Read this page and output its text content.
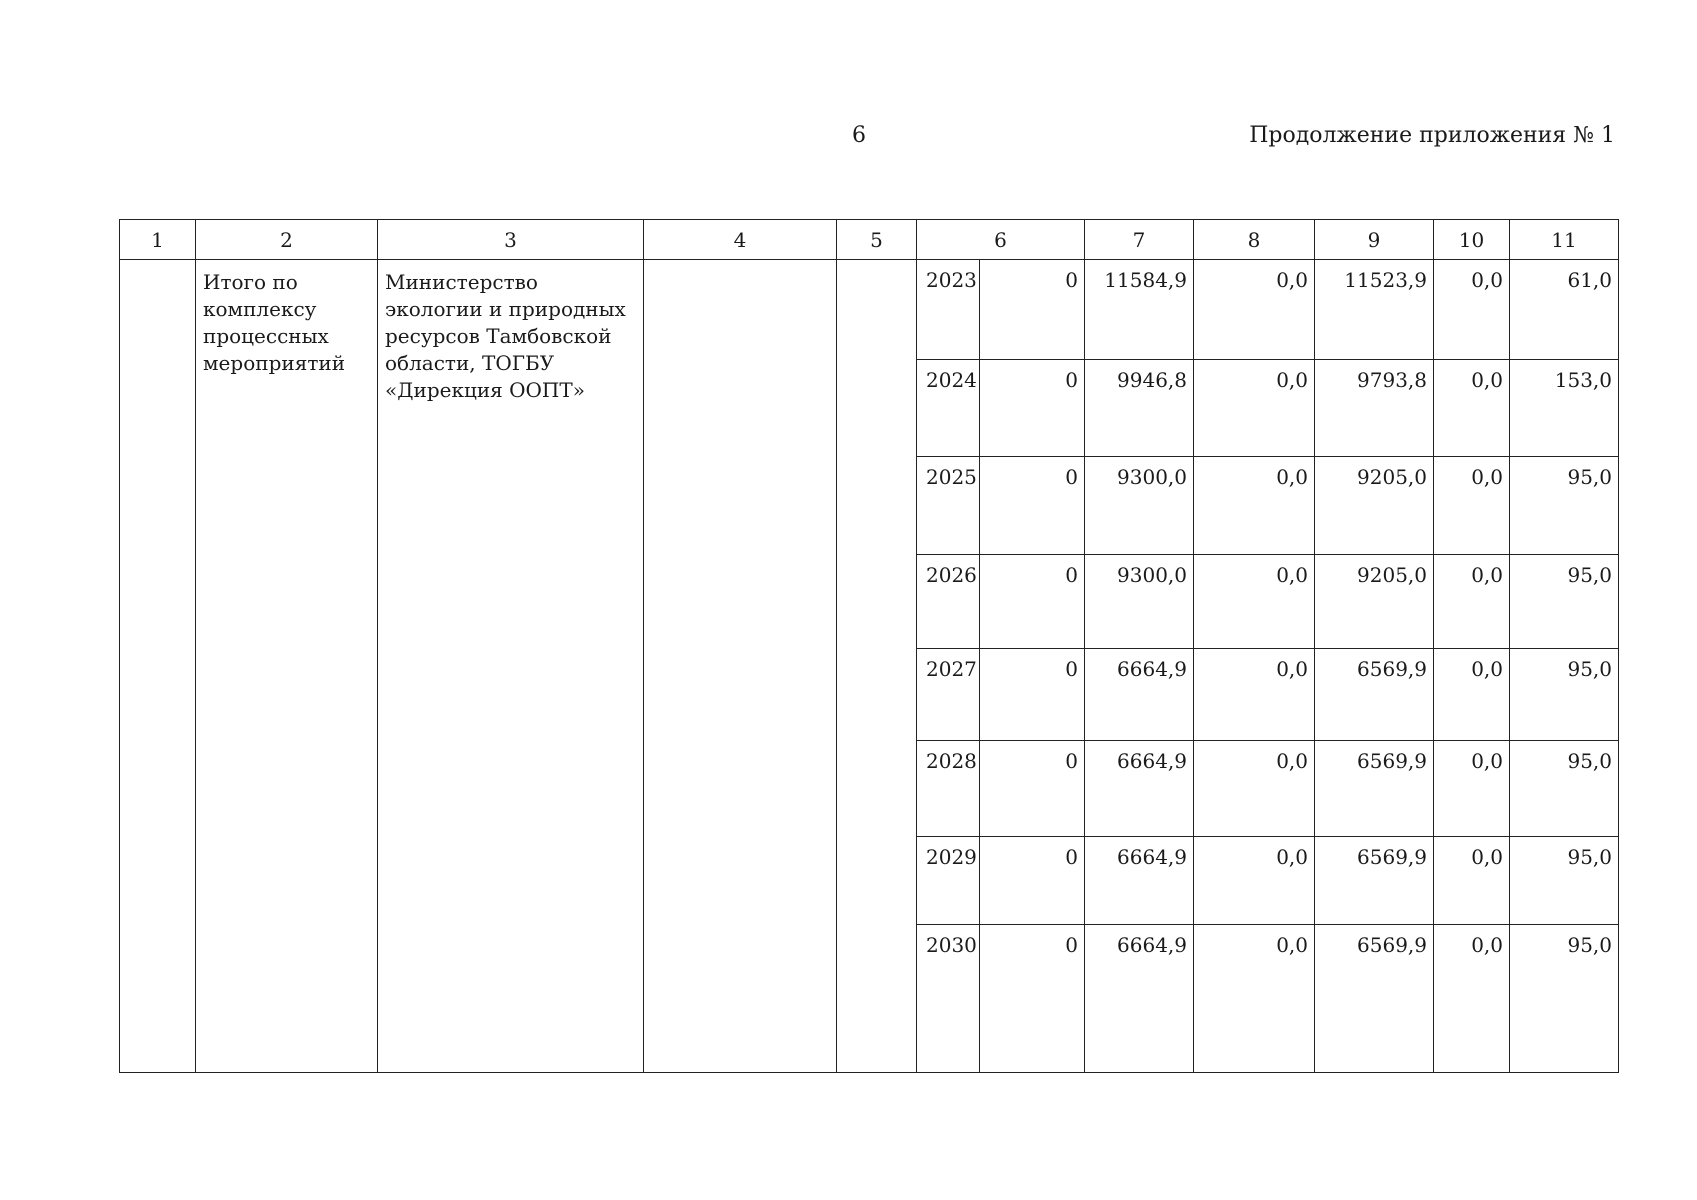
6	Продолжение приложения № 1
1	2	3	4	5	6		7	8	9	10	11

	Итого по комплексу процессных мероприятий	Министерство экологии и природных ресурсов Тамбовской области, ТОГБУ «Дирекция ООПТ»			2023	0	11584,9	0,0	11523,9	0,0	61,0

					2024	0	9946,8	0,0	9793,8	0,0	153,0

					2025	0	9300,0	0,0	9205,0	0,0	95,0

					2026	0	9300,0	0,0	9205,0	0,0	95,0

					2027	0	6664,9	0,0	6569,9	0,0	95,0

					2028	0	6664,9	0,0	6569,9	0,0	95,0

					2029	0	6664,9	0,0	6569,9	0,0	95,0

					2030	0	6664,9	0,0	6569,9	0,0	95,0
